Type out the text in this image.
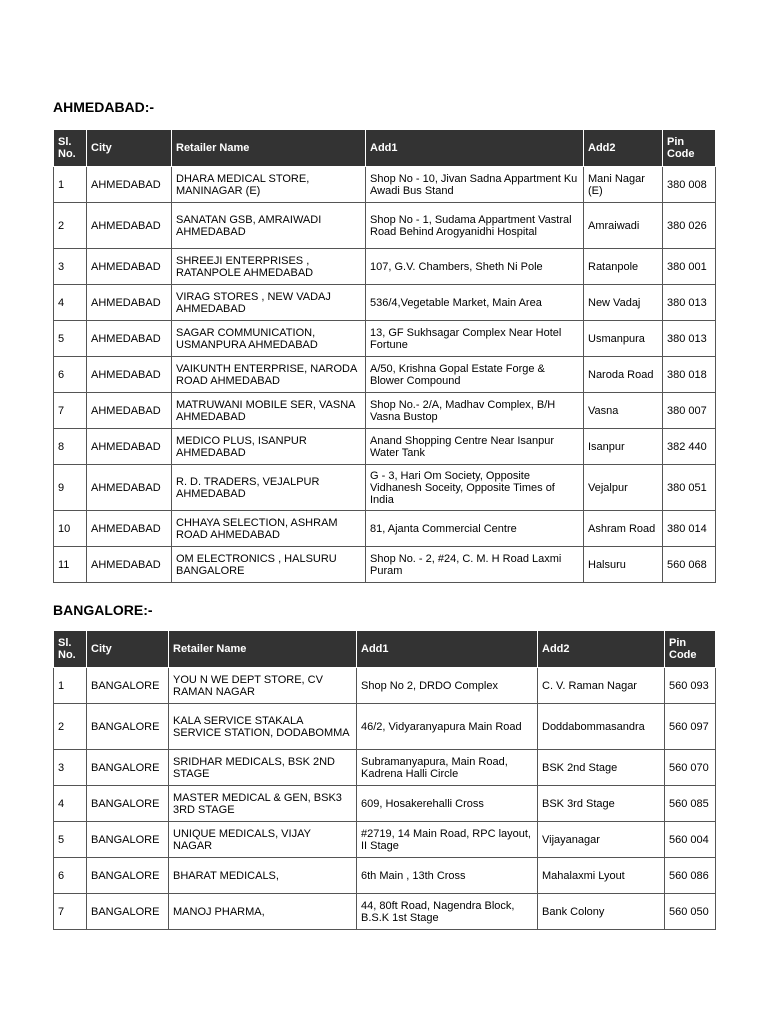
AHMEDABAD:-
Sl. No.	City	Retailer Name	Add1	Add2	Pin Code
1	AHMEDABAD	DHARA MEDICAL STORE, MANINAGAR (E)	Shop No - 10, Jivan Sadna Appartment Ku Awadi Bus Stand	Mani Nagar (E)	380 008
2	AHMEDABAD	SANATAN GSB, AMRAIWADI AHMEDABAD	Shop No - 1, Sudama Appartment Vastral Road Behind Arogyanidhi Hospital	Amraiwadi	380 026
3	AHMEDABAD	SHREEJI ENTERPRISES , RATANPOLE AHMEDABAD	107, G.V. Chambers, Sheth Ni Pole	Ratanpole	380 001
4	AHMEDABAD	VIRAG STORES , NEW VADAJ AHMEDABAD	536/4,Vegetable Market, Main Area	New Vadaj	380 013
5	AHMEDABAD	SAGAR COMMUNICATION, USMANPURA AHMEDABAD	13, GF Sukhsagar Complex Near Hotel Fortune	Usmanpura	380 013
6	AHMEDABAD	VAIKUNTH ENTERPRISE, NARODA ROAD AHMEDABAD	A/50, Krishna Gopal Estate Forge & Blower Compound	Naroda Road	380 018
7	AHMEDABAD	MATRUWANI MOBILE SER, VASNA AHMEDABAD	Shop No.- 2/A, Madhav Complex, B/H Vasna Bustop	Vasna	380 007
8	AHMEDABAD	MEDICO PLUS, ISANPUR AHMEDABAD	Anand Shopping Centre Near Isanpur Water Tank	Isanpur	382 440
9	AHMEDABAD	R. D. TRADERS, VEJALPUR AHMEDABAD	G - 3, Hari Om Society, Opposite Vidhanesh Soceity, Opposite Times of India	Vejalpur	380 051
10	AHMEDABAD	CHHAYA SELECTION, ASHRAM ROAD AHMEDABAD	81, Ajanta Commercial Centre	Ashram Road	380 014
11	AHMEDABAD	OM ELECTRONICS , HALSURU BANGALORE	Shop No. - 2, #24, C. M. H Road Laxmi Puram	Halsuru	560 068
BANGALORE:-
Sl. No.	City	Retailer Name	Add1	Add2	Pin Code
1	BANGALORE	YOU N WE DEPT STORE, CV RAMAN NAGAR	Shop No 2, DRDO Complex	C. V. Raman Nagar	560 093
2	BANGALORE	KALA SERVICE STAKALA SERVICE STATION, DODABOMMA	46/2, Vidyaranyapura Main Road	Doddabommasandra	560 097
3	BANGALORE	SRIDHAR MEDICALS, BSK 2ND STAGE	Subramanyapura, Main Road, Kadrena Halli Circle	BSK 2nd Stage	560 070
4	BANGALORE	MASTER MEDICAL & GEN, BSK3 3RD STAGE	609, Hosakerehalli Cross	BSK 3rd Stage	560 085
5	BANGALORE	UNIQUE MEDICALS, VIJAY NAGAR	#2719, 14 Main Road, RPC layout, II Stage	Vijayanagar	560 004
6	BANGALORE	BHARAT MEDICALS,	6th Main , 13th Cross	Mahalaxmi Lyout	560 086
7	BANGALORE	MANOJ PHARMA,	44, 80ft Road, Nagendra Block, B.S.K 1st Stage	Bank Colony	560 050
